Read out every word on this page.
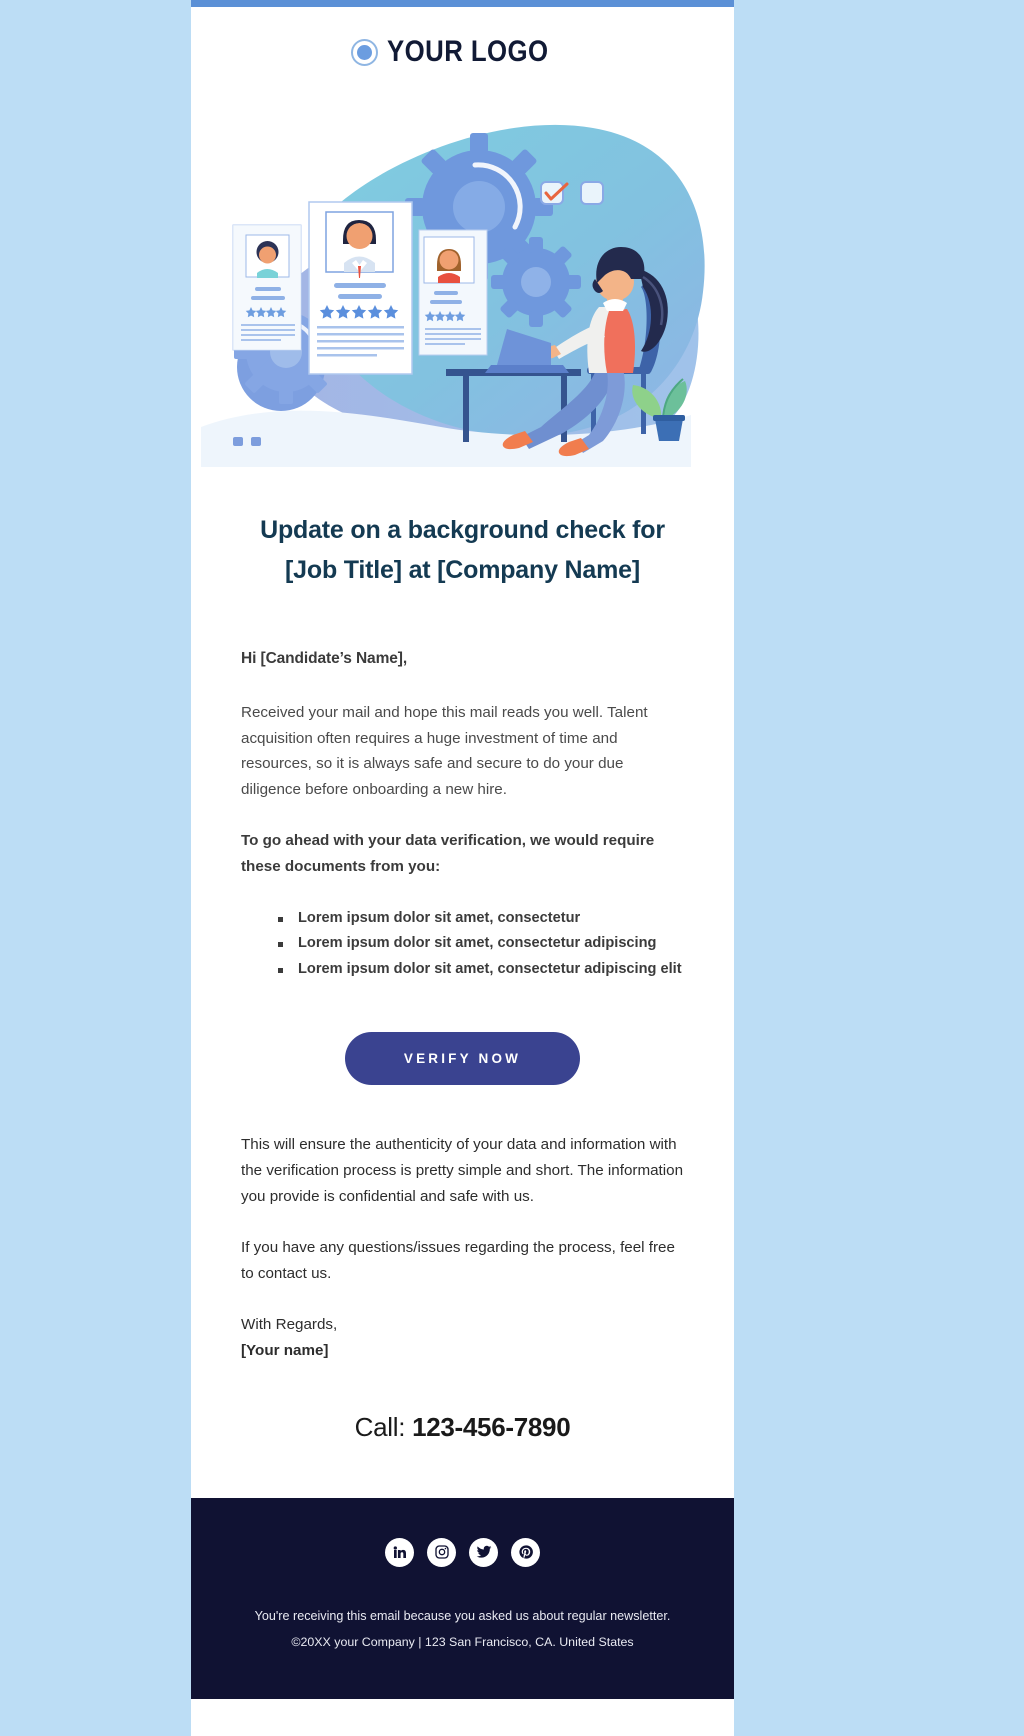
YOUR LOGO
Update on a background check for [Job Title] at [Company Name]
Hi [Candidate’s Name],

Received your mail and hope this mail reads you well. Talent acquisition often requires a huge investment of time and resources, so it is always safe and secure to do your due diligence before onboarding a new hire.

To go ahead with your data verification, we would require these documents from you:

Lorem ipsum dolor sit amet, consectetur
Lorem ipsum dolor sit amet, consectetur adipiscing
Lorem ipsum dolor sit amet, consectetur adipiscing elit
VERIFY NOW

This will ensure the authenticity of your data and information with the verification process is pretty simple and short. The information you provide is confidential and safe with us.

If you have any questions/issues regarding the process, feel free to contact us.

With Regards,

[Your name]
Call: 123-456-7890
You're receiving this email because you asked us about regular newsletter.
©20XX your Company | 123 San Francisco, CA. United States
